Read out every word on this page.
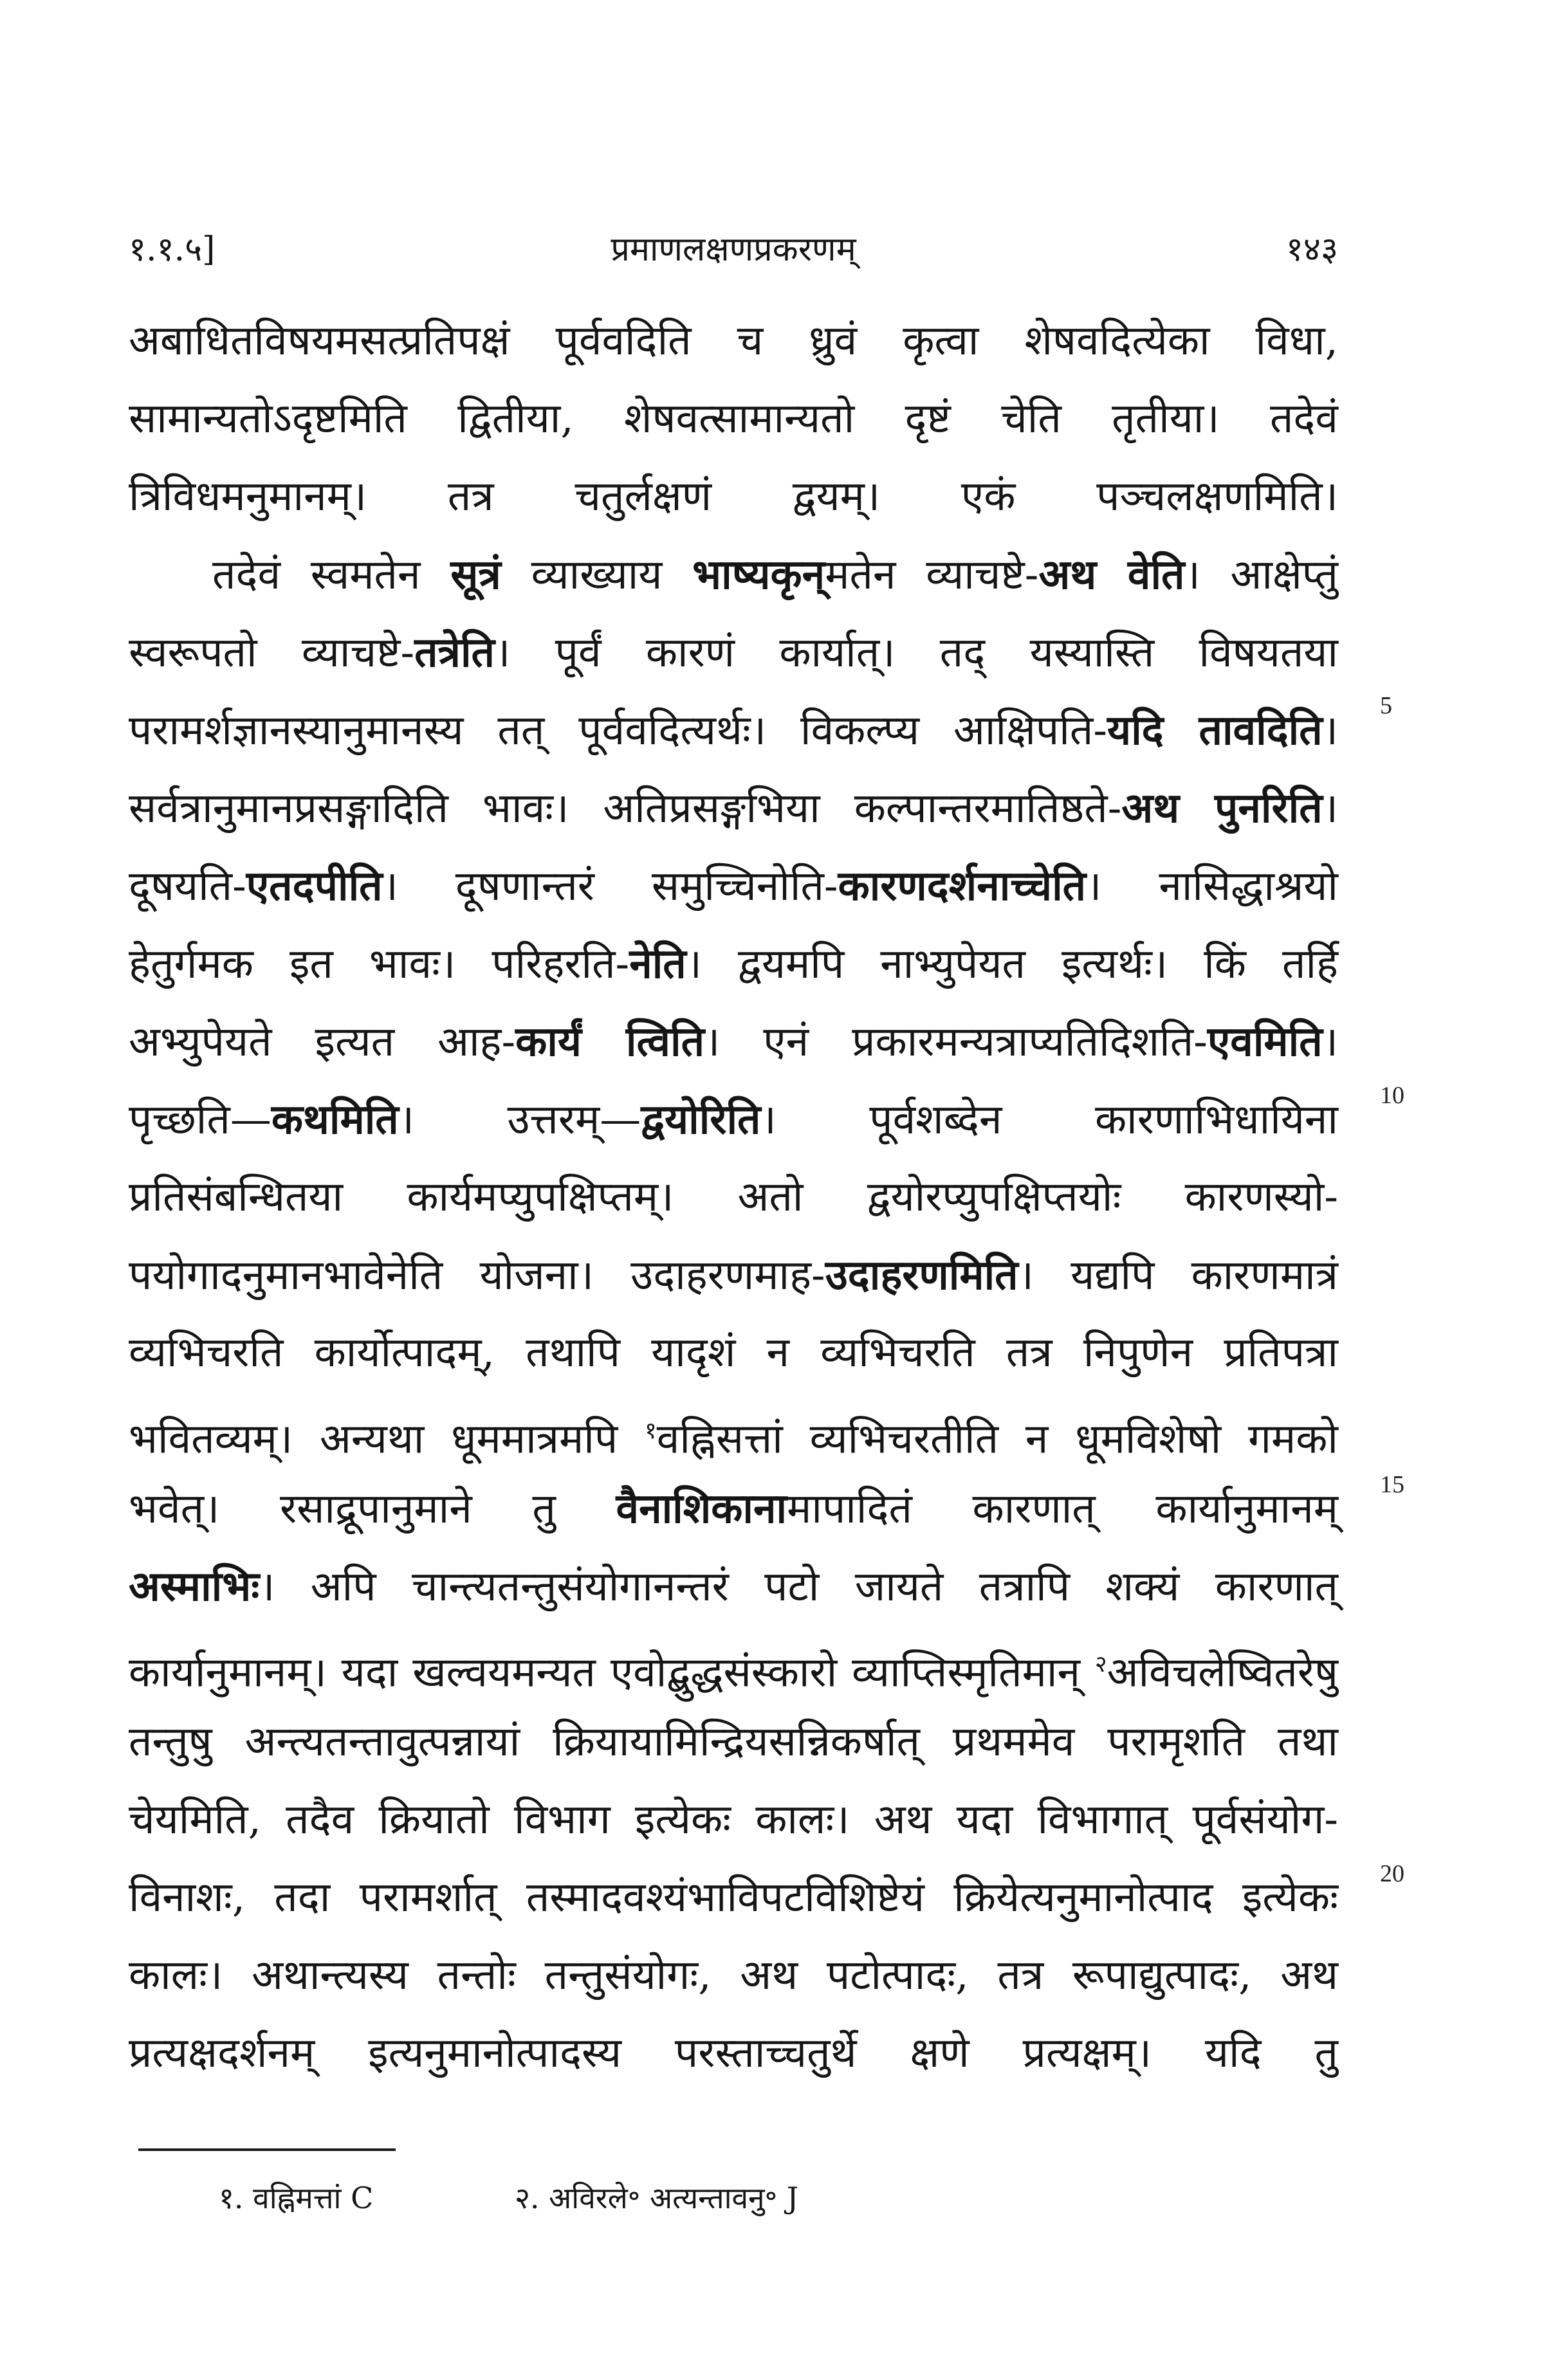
१.१.५]	प्रमाणलक्षणप्रकरणम्	१४३
अबाधितविषयमसत्प्रतिपक्षं पूर्ववदिति च ध्रुवं कृत्वा शेषवदित्येका विधा,
सामान्यतोऽदृष्टमिति द्वितीया, शेषवत्सामान्यतो दृष्टं चेति तृतीया। तदेवं
त्रिविधमनुमानम्। तत्र चतुर्लक्षणं द्वयम्। एकं पञ्चलक्षणमिति।
तदेवं स्वमतेन सूत्रं व्याख्याय भाष्यकृन्मतेन व्याचष्टे-अथ वेति। आक्षेप्तुं
स्वरूपतो व्याचष्टे-तत्रेति। पूर्वं कारणं कार्यात्। तद् यस्यास्ति विषयतया
परामर्शज्ञानस्यानुमानस्य तत् पूर्ववदित्यर्थः। विकल्प्य आक्षिपति-यदि तावदिति।
सर्वत्रानुमानप्रसङ्गादिति भावः। अतिप्रसङ्गभिया कल्पान्तरमातिष्ठते-अथ पुनरिति।
दूषयति-एतदपीति। दूषणान्तरं समुच्चिनोति-कारणदर्शनाच्चेति। नासिद्धाश्रयो
हेतुर्गमक इत भावः। परिहरति-नेति। द्वयमपि नाभ्युपेयत इत्यर्थः। किं तर्हि
अभ्युपेयते इत्यत आह-कार्यं त्विति। एनं प्रकारमन्यत्राप्यतिदिशति-एवमिति।
पृच्छति—कथमिति। उत्तरम्—द्वयोरिति। पूर्वशब्देन कारणाभिधायिना
प्रतिसंबन्धितया कार्यमप्युपक्षिप्तम्। अतो द्वयोरप्युपक्षिप्तयोः कारणस्यो-
पयोगादनुमानभावेनेति योजना। उदाहरणमाह-उदाहरणमिति। यद्यपि कारणमात्रं
व्यभिचरति कार्योत्पादम्, तथापि यादृशं न व्यभिचरति तत्र निपुणेन प्रतिपत्रा
भवितव्यम्। अन्यथा धूममात्रमपि $^१$वह्निसत्तां व्यभिचरतीति न धूमविशेषो गमको
भवेत्। रसाद्रूपानुमाने तु वैनाशिकानामापादितं कारणात् कार्यानुमानम्
अस्माभिः। अपि चान्त्यतन्तुसंयोगानन्तरं पटो जायते तत्रापि शक्यं कारणात्
कार्यानुमानम्। यदा खल्वयमन्यत एवोद्बुद्धसंस्कारो व्याप्तिस्मृतिमान् $^२$अविचलेष्वितरेषु
तन्तुषु अन्त्यतन्तावुत्पन्नायां क्रियायामिन्द्रियसन्निकर्षात् प्रथममेव परामृशति तथा
चेयमिति, तदैव क्रियातो विभाग इत्येकः कालः। अथ यदा विभागात् पूर्वसंयोग-
विनाशः, तदा परामर्शात् तस्मादवश्यंभाविपटविशिष्टेयं क्रियेत्यनुमानोत्पाद इत्येकः
कालः। अथान्त्यस्य तन्तोः तन्तुसंयोगः, अथ पटोत्पादः, तत्र रूपाद्युत्पादः, अथ
प्रत्यक्षदर्शनम् इत्यनुमानोत्पादस्य परस्ताच्चतुर्थे क्षणे प्रत्यक्षम्। यदि तु
5
10
15
20
१. वह्निमत्तां C	२. अविरले॰ अत्यन्तावनु॰ J
